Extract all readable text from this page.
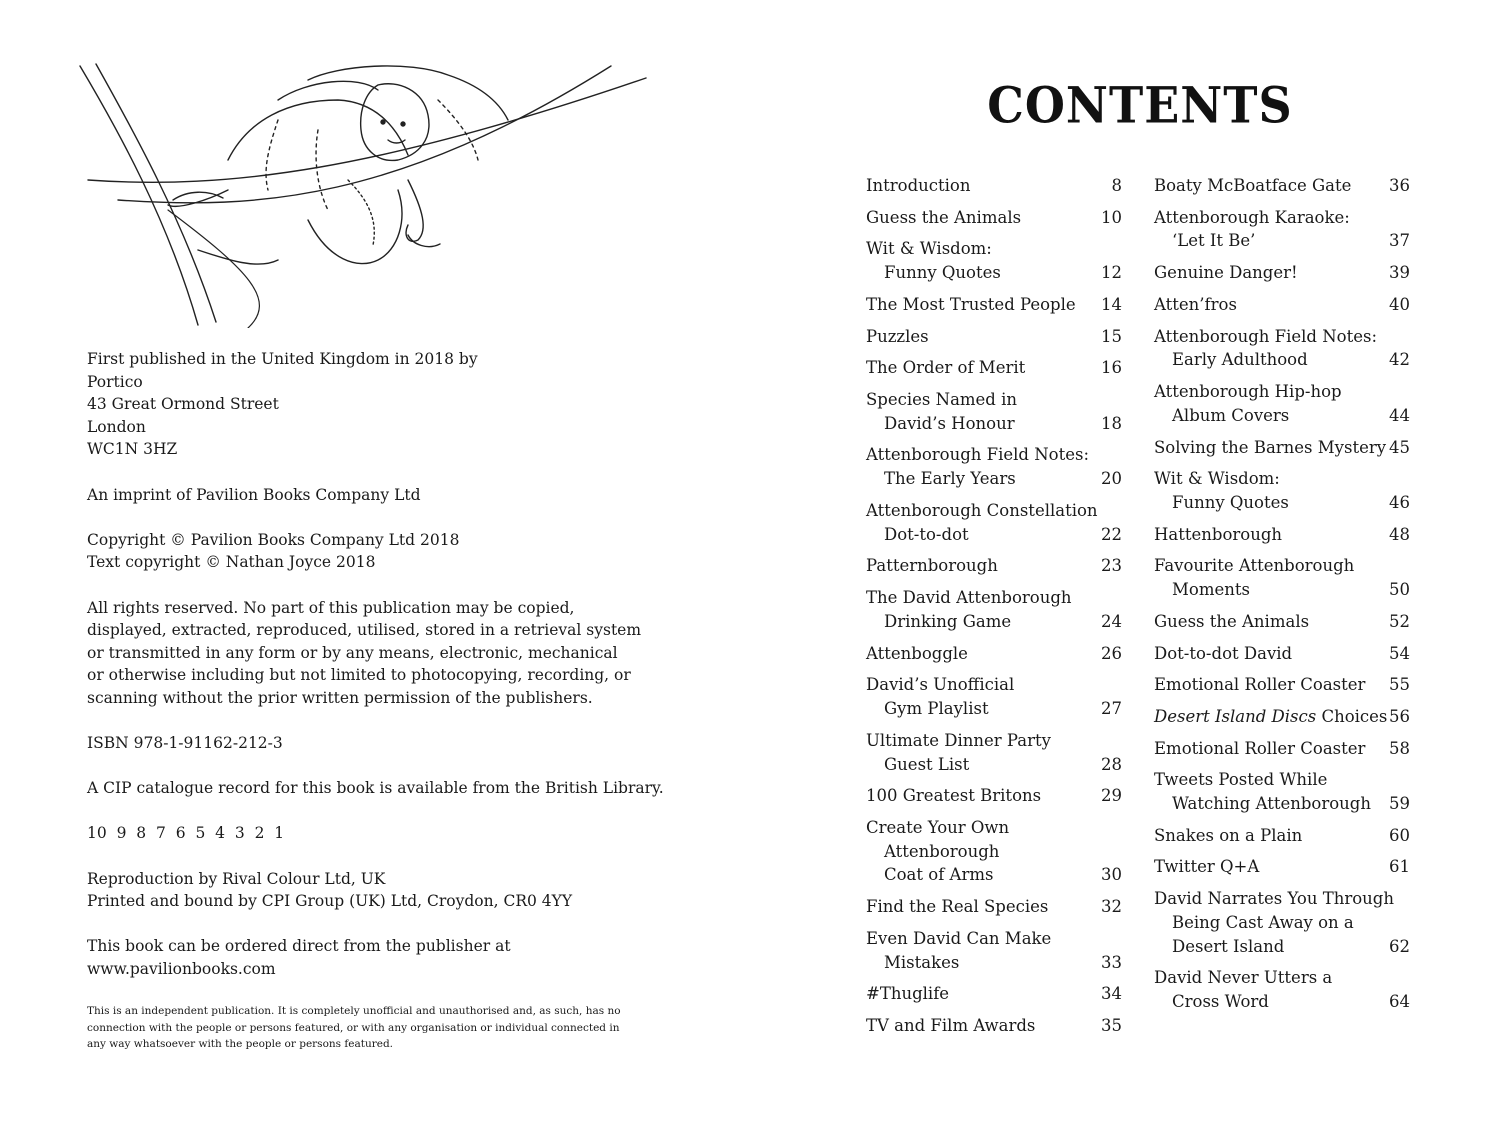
First published in the United Kingdom in 2018 by
Portico
43 Great Ormond Street
London
WC1N 3HZ
An imprint of Pavilion Books Company Ltd
Copyright © Pavilion Books Company Ltd 2018
Text copyright © Nathan Joyce 2018
All rights reserved. No part of this publication may be copied,
displayed, extracted, reproduced, utilised, stored in a retrieval system
or transmitted in any form or by any means, electronic, mechanical
or otherwise including but not limited to photocopying, recording, or
scanning without the prior written permission of the publishers.
ISBN 978-1-91162-212-3
A CIP catalogue record for this book is available from the British Library.
10  9  8  7  6  5  4  3  2  1
Reproduction by Rival Colour Ltd, UK
Printed and bound by CPI Group (UK) Ltd, Croydon, CR0 4YY
This book can be ordered direct from the publisher at
www.pavilionbooks.com
This is an independent publication. It is completely unofficial and unauthorised and, as such, has no connection with the people or persons featured, or with any organisation or individual connected in any way whatsoever with the people or persons featured.
CONTENTS
Introduction	8
Guess the Animals	10
Wit & Wisdom:
Funny Quotes	12
The Most Trusted People	14
Puzzles	15
The Order of Merit	16
Species Named in
David’s Honour	18
Attenborough Field Notes:
The Early Years	20
Attenborough Constellation
Dot-to-dot	22
Patternborough	23
The David Attenborough
Drinking Game	24
Attenboggle	26
David’s Unofficial
Gym Playlist	27
Ultimate Dinner Party
Guest List	28
100 Greatest Britons	29
Create Your Own
Attenborough
Coat of Arms	30
Find the Real Species	32
Even David Can Make
Mistakes	33
#Thuglife	34
TV and Film Awards	35
Boaty McBoatface Gate	36
Attenborough Karaoke:
‘Let It Be’	37
Genuine Danger!	39
Atten’fros	40
Attenborough Field Notes:
Early Adulthood	42
Attenborough Hip-hop
Album Covers	44
Solving the Barnes Mystery 45
Wit & Wisdom:
Funny Quotes	46
Hattenborough	48
Favourite Attenborough
Moments	50
Guess the Animals	52
Dot-to-dot David	54
Emotional Roller Coaster	55
Desert Island Discs Choices 56
Emotional Roller Coaster	58
Tweets Posted While
Watching Attenborough	59
Snakes on a Plain	60
Twitter Q+A	61
David Narrates You Through
Being Cast Away on a
Desert Island	62
David Never Utters a
Cross Word	64
